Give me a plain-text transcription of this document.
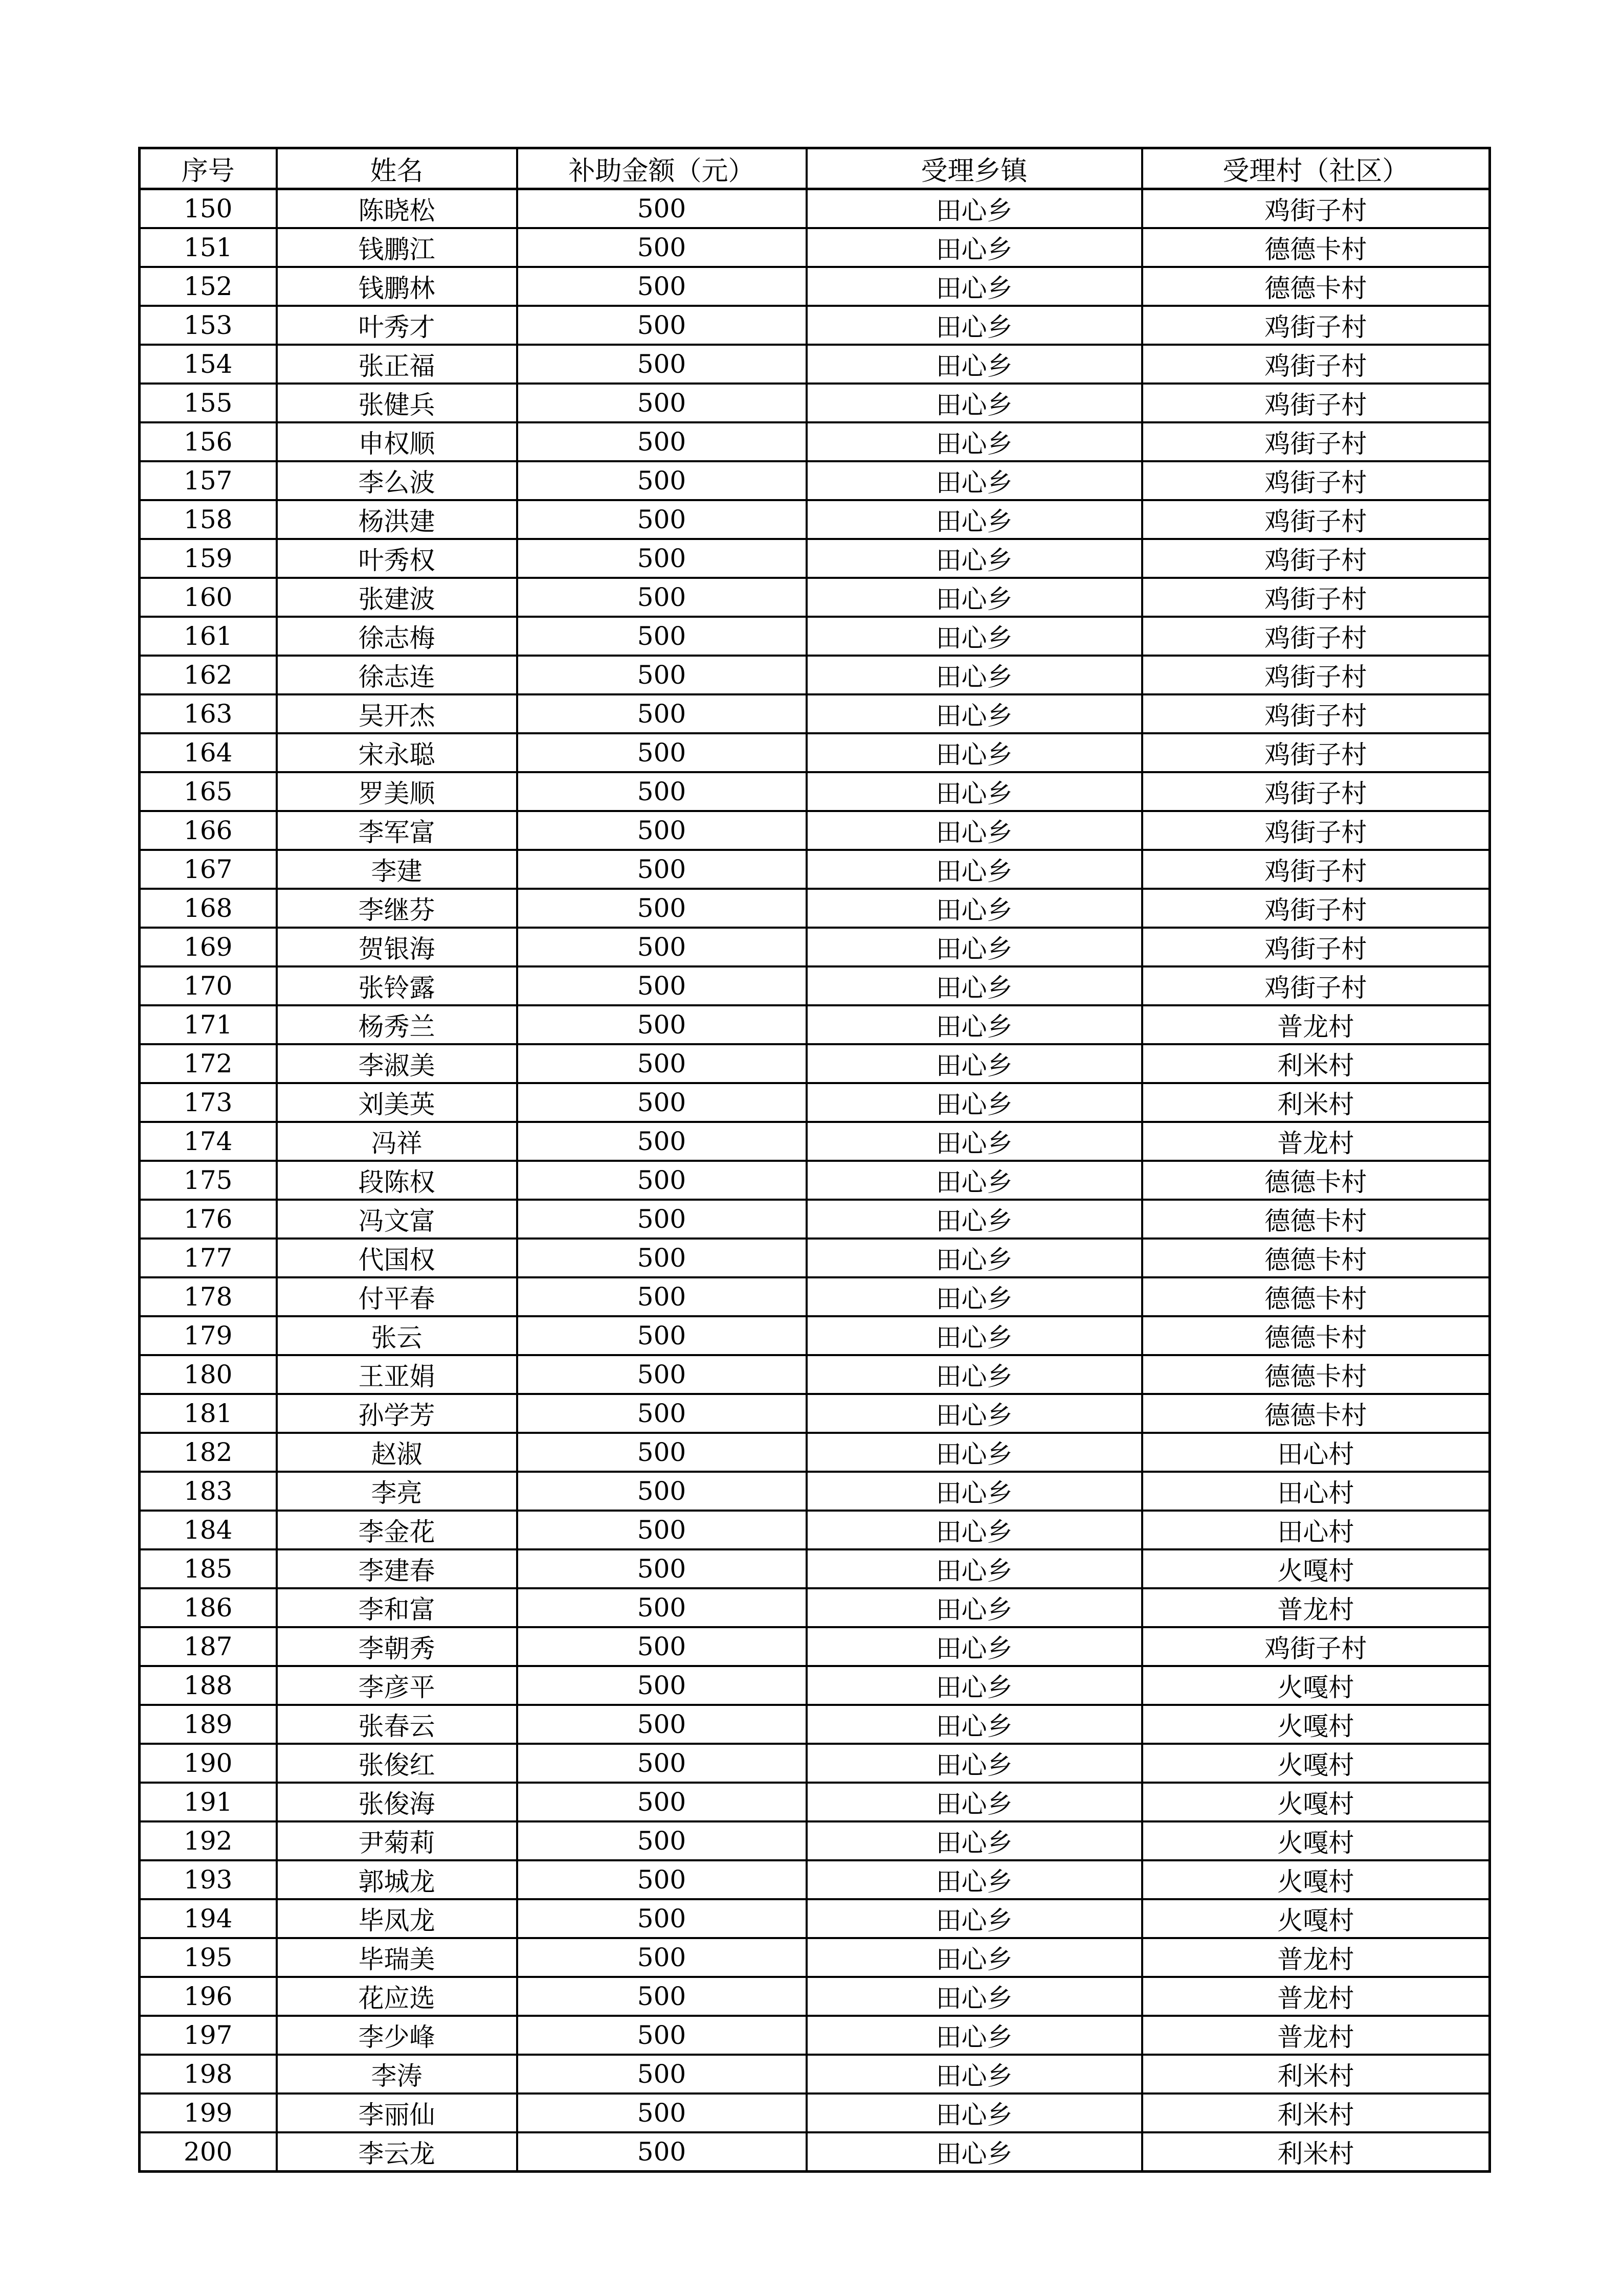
序号	姓名	补助金额（元）	受理乡镇	受理村（社区）
150	陈晓松	500	田心乡	鸡街子村
151	钱鹏江	500	田心乡	德德卡村
152	钱鹏林	500	田心乡	德德卡村
153	叶秀才	500	田心乡	鸡街子村
154	张正福	500	田心乡	鸡街子村
155	张健兵	500	田心乡	鸡街子村
156	申权顺	500	田心乡	鸡街子村
157	李么波	500	田心乡	鸡街子村
158	杨洪建	500	田心乡	鸡街子村
159	叶秀权	500	田心乡	鸡街子村
160	张建波	500	田心乡	鸡街子村
161	徐志梅	500	田心乡	鸡街子村
162	徐志连	500	田心乡	鸡街子村
163	吴开杰	500	田心乡	鸡街子村
164	宋永聪	500	田心乡	鸡街子村
165	罗美顺	500	田心乡	鸡街子村
166	李军富	500	田心乡	鸡街子村
167	李建	500	田心乡	鸡街子村
168	李继芬	500	田心乡	鸡街子村
169	贺银海	500	田心乡	鸡街子村
170	张铃露	500	田心乡	鸡街子村
171	杨秀兰	500	田心乡	普龙村
172	李淑美	500	田心乡	利米村
173	刘美英	500	田心乡	利米村
174	冯祥	500	田心乡	普龙村
175	段陈权	500	田心乡	德德卡村
176	冯文富	500	田心乡	德德卡村
177	代国权	500	田心乡	德德卡村
178	付平春	500	田心乡	德德卡村
179	张云	500	田心乡	德德卡村
180	王亚娟	500	田心乡	德德卡村
181	孙学芳	500	田心乡	德德卡村
182	赵淑	500	田心乡	田心村
183	李亮	500	田心乡	田心村
184	李金花	500	田心乡	田心村
185	李建春	500	田心乡	火嘎村
186	李和富	500	田心乡	普龙村
187	李朝秀	500	田心乡	鸡街子村
188	李彦平	500	田心乡	火嘎村
189	张春云	500	田心乡	火嘎村
190	张俊红	500	田心乡	火嘎村
191	张俊海	500	田心乡	火嘎村
192	尹菊莉	500	田心乡	火嘎村
193	郭城龙	500	田心乡	火嘎村
194	毕凤龙	500	田心乡	火嘎村
195	毕瑞美	500	田心乡	普龙村
196	花应选	500	田心乡	普龙村
197	李少峰	500	田心乡	普龙村
198	李涛	500	田心乡	利米村
199	李丽仙	500	田心乡	利米村
200	李云龙	500	田心乡	利米村
